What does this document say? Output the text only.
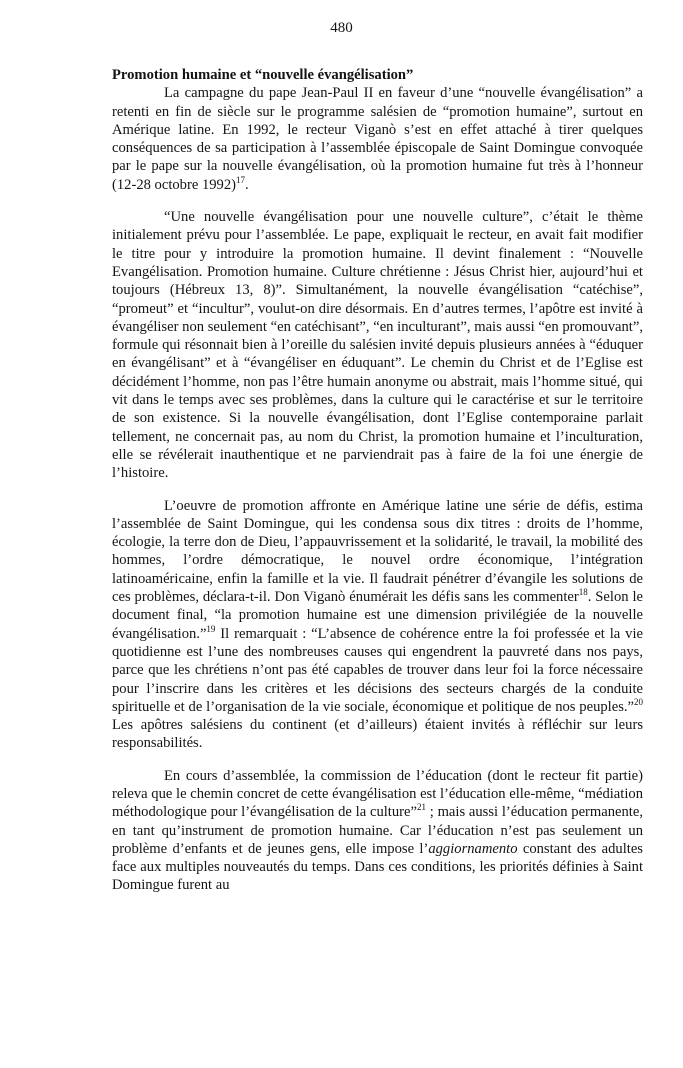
480

Promotion humaine et “nouvelle évangélisation”

La campagne du pape Jean-Paul II en faveur d’une “nouvelle évangélisation” a retenti en fin de siècle sur le programme salésien de “promotion humaine”, surtout en Amérique latine. En 1992, le recteur Viganò s’est en effet attaché à tirer quelques conséquences de sa participation à l’assemblée épiscopale de Saint Domingue convoquée par le pape sur la nouvelle évangélisation, où la promotion humaine fut très à l’honneur (12-28 octobre 1992)$^{17}$.

“Une nouvelle évangélisation pour une nouvelle culture”, c’était le thème initialement prévu pour l’assemblée. Le pape, expliquait le recteur, en avait fait modifier le titre pour y introduire la promotion humaine. Il devint finalement : “Nouvelle Evangélisation. Promotion humaine. Culture chrétienne : Jésus Christ hier, aujourd’hui et toujours (Hébreux 13, 8)”. Simultanément, la nouvelle évangélisation “catéchise”, “promeut” et “incultur”, voulut-on dire désormais. En d’autres termes, l’apôtre est invité à évangéliser non seulement “en catéchisant”, “en inculturant”, mais aussi “en promouvant”, formule qui résonnait bien à l’oreille du salésien invité depuis plusieurs années à “éduquer en évangélisant” et à “évangéliser en éduquant”. Le chemin du Christ et de l’Eglise est décidément l’homme, non pas l’être humain anonyme ou abstrait, mais l’homme situé, qui vit dans le temps avec ses problèmes, dans la culture qui le caractérise et sur le territoire de son existence. Si la nouvelle évangélisation, dont l’Eglise contemporaine parlait tellement, ne concernait pas, au nom du Christ, la promotion humaine et l’inculturation, elle se révélerait inauthentique et ne parviendrait pas à faire de la foi une énergie de l’histoire.

L’oeuvre de promotion affronte en Amérique latine une série de défis, estima l’assemblée de Saint Domingue, qui les condensa sous dix titres : droits de l’homme, écologie, la terre don de Dieu, l’appauvrissement et la solidarité, le travail, la mobilité des hommes, l’ordre démocratique, le nouvel ordre économique, l’intégration latinoaméricaine, enfin la famille et la vie. Il faudrait pénétrer d’évangile les solutions de ces problèmes, déclara-t-il. Don Viganò énumérait les défis sans les commenter$^{18}$. Selon le document final, “la promotion humaine est une dimension privilégiée de la nouvelle évangélisation.”$^{19}$ Il remarquait : “L’absence de cohérence entre la foi professée et la vie quotidienne est l’une des nombreuses causes qui engendrent la pauvreté dans nos pays, parce que les chrétiens n’ont pas été capables de trouver dans leur foi la force nécessaire pour l’inscrire dans les critères et les décisions des secteurs chargés de la conduite spirituelle et de l’organisation de la vie sociale, économique et politique de nos peuples.”$^{20}$ Les apôtres salésiens du continent (et d’ailleurs) étaient invités à réfléchir sur leurs responsabilités.

En cours d’assemblée, la commission de l’éducation (dont le recteur fit partie) releva que le chemin concret de cette évangélisation est l’éducation elle-même, “médiation méthodologique pour l’évangélisation de la culture”$^{21}$ ; mais aussi l’éducation permanente, en tant qu’instrument de promotion humaine. Car l’éducation n’est pas seulement un problème d’enfants et de jeunes gens, elle impose l’aggiornamento constant des adultes face aux multiples nouveautés du temps. Dans ces conditions, les priorités définies à Saint Domingue furent au
